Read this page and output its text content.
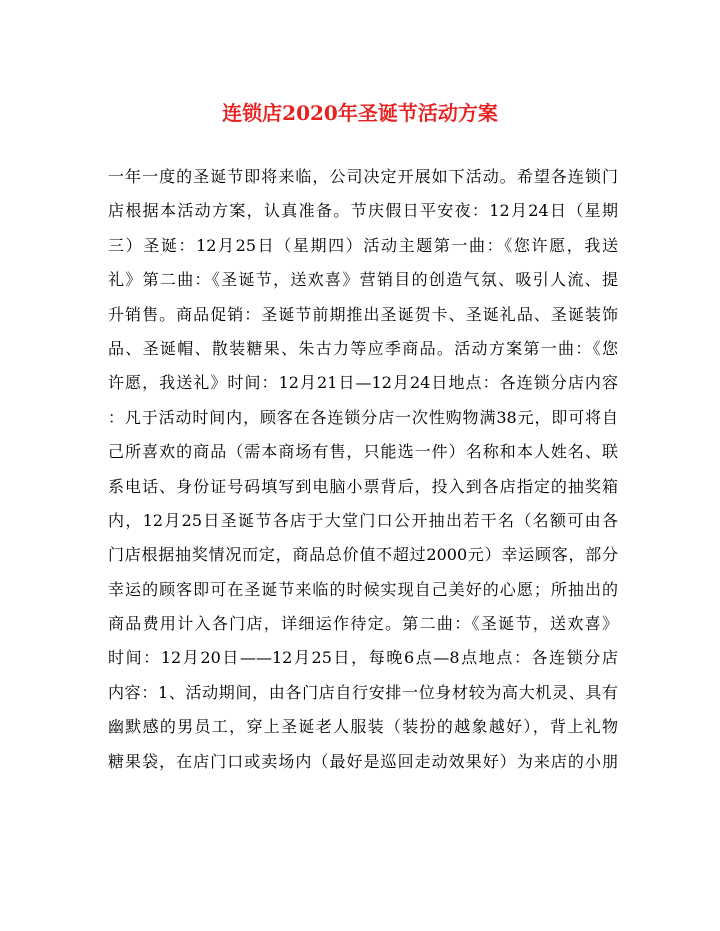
连锁店2020年圣诞节活动方案
一年一度的圣诞节即将来临，公司决定开展如下活动。希望各连锁门
店根据本活动方案，认真准备。节庆假日平安夜：12月24日（星期
三）圣诞：12月25日（星期四）活动主题第一曲：《您许愿，我送
礼》第二曲：《圣诞节，送欢喜》营销目的创造气氛、吸引人流、提
升销售。商品促销：圣诞节前期推出圣诞贺卡、圣诞礼品、圣诞装饰
品、圣诞帽、散装糖果、朱古力等应季商品。活动方案第一曲：《您
许愿，我送礼》时间：12月21日—12月24日地点：各连锁分店内容
：凡于活动时间内，顾客在各连锁分店一次性购物满38元，即可将自
己所喜欢的商品（需本商场有售，只能选一件）名称和本人姓名、联
系电话、身份证号码填写到电脑小票背后，投入到各店指定的抽奖箱
内，12月25日圣诞节各店于大堂门口公开抽出若干名（名额可由各
门店根据抽奖情况而定，商品总价值不超过2000元）幸运顾客，部分
幸运的顾客即可在圣诞节来临的时候实现自己美好的心愿；所抽出的
商品费用计入各门店，详细运作待定。第二曲：《圣诞节，送欢喜》
时间：12月20日——12月25日，每晚6点—8点地点：各连锁分店
内容：1、活动期间，由各门店自行安排一位身材较为高大机灵、具有
幽默感的男员工，穿上圣诞老人服装（装扮的越象越好），背上礼物
糖果袋，在店门口或卖场内（最好是巡回走动效果好）为来店的小朋
